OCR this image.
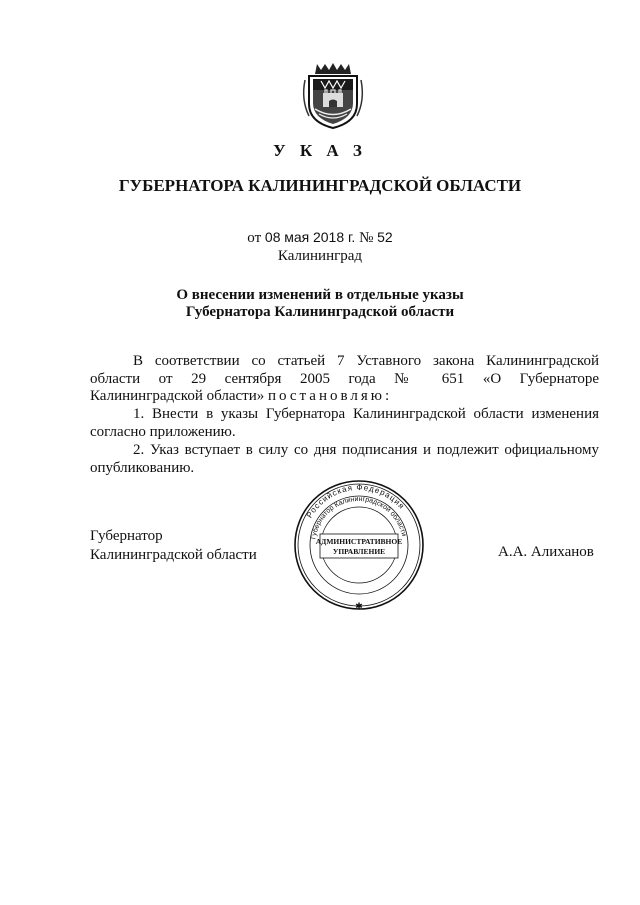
У К А З
ГУБЕРНАТОРА КАЛИНИНГРАДСКОЙ ОБЛАСТИ
от 08 мая 2018 г. № 52
Калининград
О внесении изменений в отдельные указы
Губернатора Калининградской области
В соответствии со статьей 7 Уставного закона Калининградской
области от 29 сентября 2005 года № 651 «О Губернаторе
Калининградской области» постановляю:
1. Внести в указы Губернатора Калининградской области изменения
согласно приложению.
2. Указ вступает в силу со дня подписания и подлежит официальному
опубликованию.
Губернатор
Калининградской области	А.А. Алиханов
Российская Федерация
Губернатор Калининградской области
АДМИНИСТРАТИВНОЕ
УПРАВЛЕНИЕ
✱
